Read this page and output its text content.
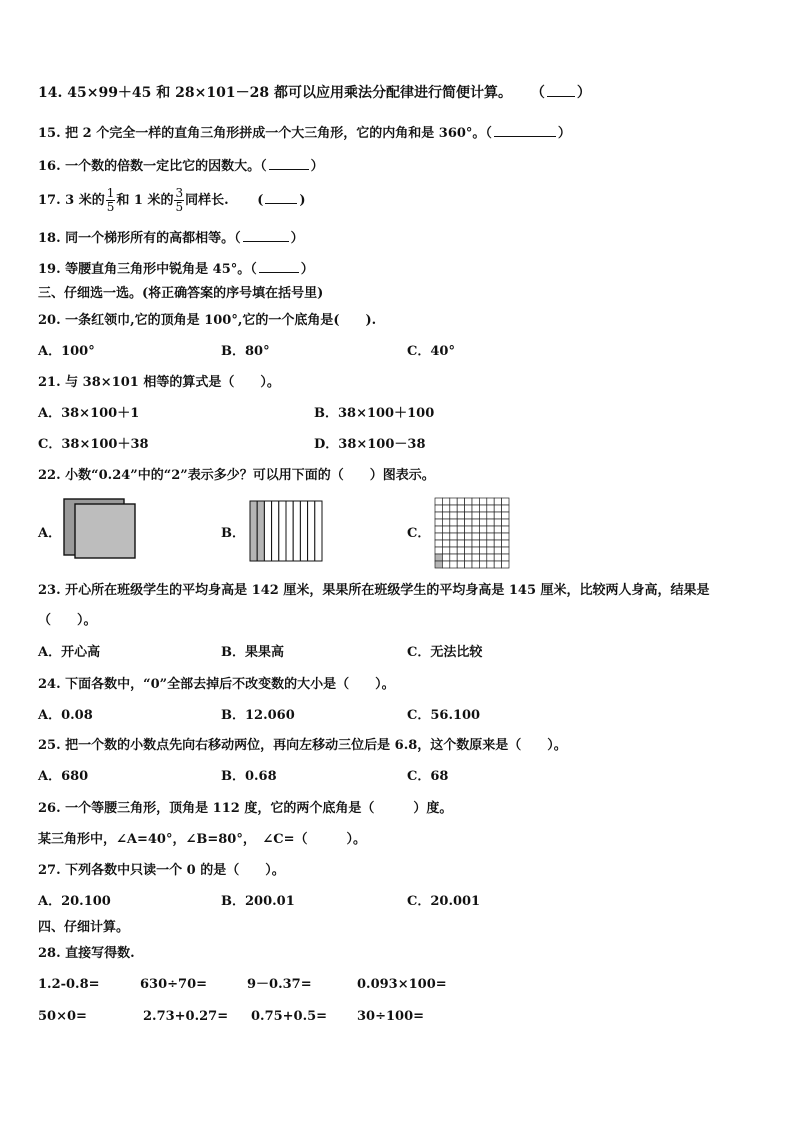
14. 45×99＋45 和 28×101－28 都可以应用乘法分配律进行简便计算。 （ ）
15. 把 2 个完全一样的直角三角形拼成一个大三角形，它的内角和是 360°。（	）
16. 一个数的倍数一定比它的因数大。（	）
17. 3 米的 $\frac{1}{5}$ 和 1 米的 $\frac{3}{5}$ 同样长. (	)
18. 同一个梯形所有的高都相等。（	）
19. 等腰直角三角形中锐角是 45°。（	）
三、仔细选一选。(将正确答案的序号填在括号里)
20. 一条红领巾,它的顶角是 100°,它的一个底角是(　　).
A．100°	B．80°	C．40°
21. 与 38×101 相等的算式是（　　）。
A．38×100＋1	B．38×100＋100
C．38×100＋38	D．38×100－38
22. 小数“0.24”中的“2”表示多少？可以用下面的（　　）图表示。
A．	B．	C．
23. 开心所在班级学生的平均身高是 142 厘米，果果所在班级学生的平均身高是 145 厘米，比较两人身高，结果是
（　　）。
A．开心高	B．果果高	C．无法比较
24. 下面各数中，“0”全部去掉后不改变数的大小是（　　）。
A．0.08	B．12.060	C．56.100
25. 把一个数的小数点先向右移动两位，再向左移动三位后是 6.8，这个数原来是（　　）。
A．680	B．0.68	C．68
26. 一个等腰三角形，顶角是 112 度，它的两个底角是（　　　）度。
某三角形中，∠A=40°，∠B=80°，　∠C=（　　　）。
27. 下列各数中只读一个 0 的是（　　）。
A．20.100	B．200.01	C．20.001
四、仔细计算。
28. 直接写得数.
1.2-0.8=	630÷70=	9－0.37=	0.093×100=
50×0=	2.73+0.27= 0.75+0.5= 30÷100=
